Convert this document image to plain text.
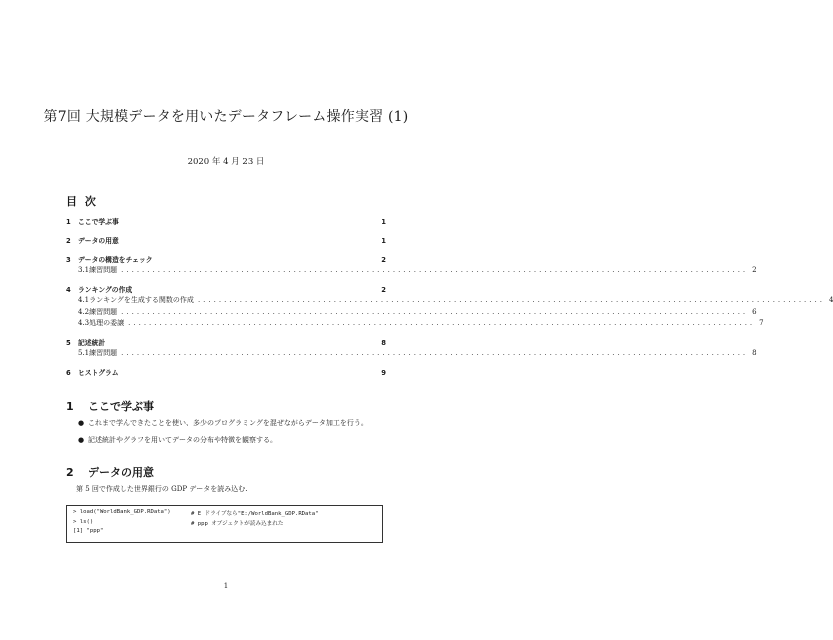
第7回 大規模データを用いたデータフレーム操作実習 (1)
2020 年 4 月 23 日
目 次
1	ここで学ぶ事	1
2	データの用意	1
3	データの構造をチェック	2
3.1 練習問題 ........................................................................................................................ 2
4	ランキングの作成	2
4.1 ランキングを生成する関数の作成 ........................................................................................................................ 4
4.2 練習問題 ........................................................................................................................ 6
4.3 処理の委譲 ........................................................................................................................ 7
5	記述統計	8
5.1 練習問題 ........................................................................................................................ 8
6	ヒストグラム	9
1 ここで学ぶ事
● これまで学んできたことを使い、多少のプログラミングを混ぜながらデータ加工を行う。
● 記述統計やグラフを用いてデータの分布や特徴を観察する。
2 データの用意
第 5 回で作成した世界銀行の GDP データを読み込む.
> load("WorldBank_GDP.RData")	# E ドライブなら"E:/WorldBank_GDP.RData"
> ls()	# ppp オブジェクトが読み込まれた
[1] "ppp"
1
